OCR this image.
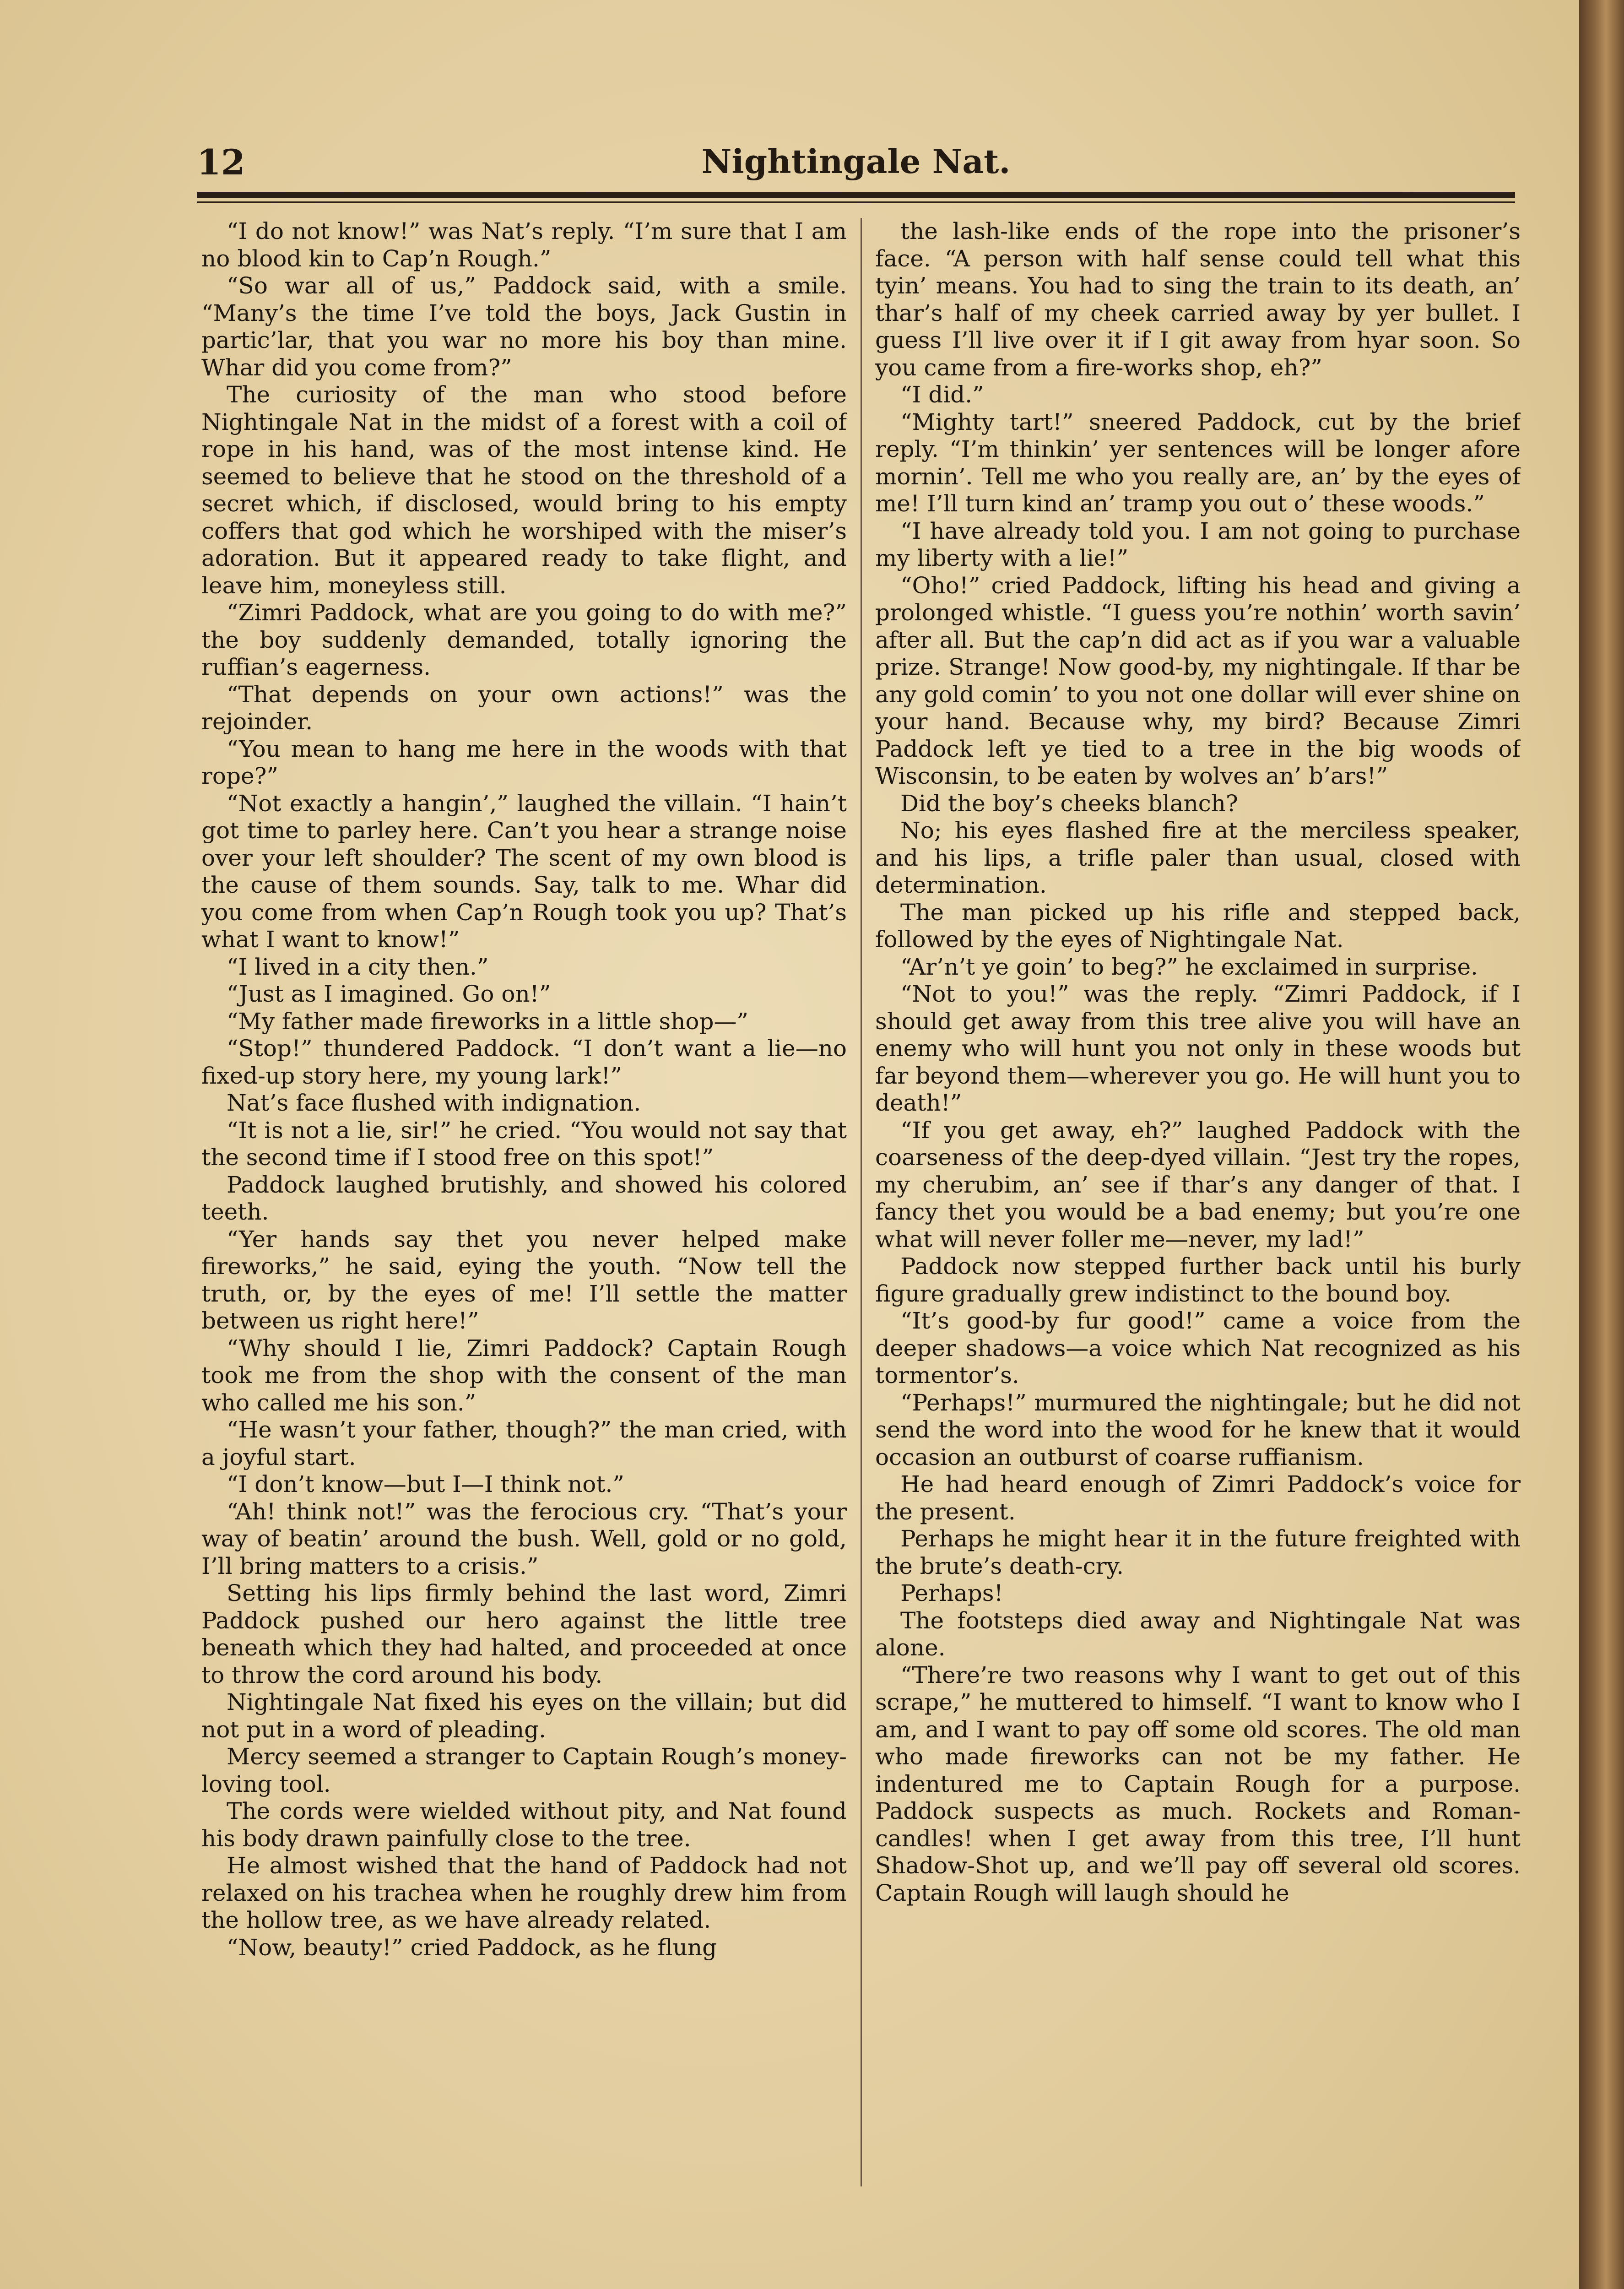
12	Nightingale Nat.

“I do not know!” was Nat’s reply. “I’m sure that I am no blood kin to Cap’n Rough.”

“So war all of us,” Paddock said, with a smile. “Many’s the time I’ve told the boys, Jack Gustin in partic’lar, that you war no more his boy than mine. Whar did you come from?”

The curiosity of the man who stood before Nightingale Nat in the midst of a forest with a coil of rope in his hand, was of the most intense kind. He seemed to believe that he stood on the threshold of a secret which, if disclosed, would bring to his empty coffers that god which he worshiped with the miser’s adoration. But it appeared ready to take flight, and leave him, moneyless still.

“Zimri Paddock, what are you going to do with me?” the boy suddenly demanded, totally ignoring the ruffian’s eagerness.

“That depends on your own actions!” was the rejoinder.

“You mean to hang me here in the woods with that rope?”

“Not exactly a hangin’,” laughed the villain. “I hain’t got time to parley here. Can’t you hear a strange noise over your left shoulder? The scent of my own blood is the cause of them sounds. Say, talk to me. Whar did you come from when Cap’n Rough took you up? That’s what I want to know!”

“I lived in a city then.”

“Just as I imagined. Go on!”

“My father made fireworks in a little shop—”

“Stop!” thundered Paddock. “I don’t want a lie—no fixed-up story here, my young lark!”

Nat’s face flushed with indignation.

“It is not a lie, sir!” he cried. “You would not say that the second time if I stood free on this spot!”

Paddock laughed brutishly, and showed his colored teeth.

“Yer hands say thet you never helped make fireworks,” he said, eying the youth. “Now tell the truth, or, by the eyes of me! I’ll settle the matter between us right here!”

“Why should I lie, Zimri Paddock? Captain Rough took me from the shop with the consent of the man who called me his son.”

“He wasn’t your father, though?” the man cried, with a joyful start.

“I don’t know—but I—I think not.”

“Ah! think not!” was the ferocious cry. “That’s your way of beatin’ around the bush. Well, gold or no gold, I’ll bring matters to a crisis.”

Setting his lips firmly behind the last word, Zimri Paddock pushed our hero against the little tree beneath which they had halted, and proceeded at once to throw the cord around his body.

Nightingale Nat fixed his eyes on the villain; but did not put in a word of pleading.

Mercy seemed a stranger to Captain Rough’s money-loving tool.

The cords were wielded without pity, and Nat found his body drawn painfully close to the tree.

He almost wished that the hand of Paddock had not relaxed on his trachea when he roughly drew him from the hollow tree, as we have already related.

“Now, beauty!” cried Paddock, as he flung

the lash-like ends of the rope into the prisoner’s face. “A person with half sense could tell what this tyin’ means. You had to sing the train to its death, an’ thar’s half of my cheek carried away by yer bullet. I guess I’ll live over it if I git away from hyar soon. So you came from a fire-works shop, eh?”

“I did.”

“Mighty tart!” sneered Paddock, cut by the brief reply. “I’m thinkin’ yer sentences will be longer afore mornin’. Tell me who you really are, an’ by the eyes of me! I’ll turn kind an’ tramp you out o’ these woods.”

“I have already told you. I am not going to purchase my liberty with a lie!”

“Oho!” cried Paddock, lifting his head and giving a prolonged whistle. “I guess you’re nothin’ worth savin’ after all. But the cap’n did act as if you war a valuable prize. Strange! Now good-by, my nightingale. If thar be any gold comin’ to you not one dollar will ever shine on your hand. Because why, my bird? Because Zimri Paddock left ye tied to a tree in the big woods of Wisconsin, to be eaten by wolves an’ b’ars!”

Did the boy’s cheeks blanch?

No; his eyes flashed fire at the merciless speaker, and his lips, a trifle paler than usual, closed with determination.

The man picked up his rifle and stepped back, followed by the eyes of Nightingale Nat.

“Ar’n’t ye goin’ to beg?” he exclaimed in surprise.

“Not to you!” was the reply. “Zimri Paddock, if I should get away from this tree alive you will have an enemy who will hunt you not only in these woods but far beyond them—wherever you go. He will hunt you to death!”

“If you get away, eh?” laughed Paddock with the coarseness of the deep-dyed villain. “Jest try the ropes, my cherubim, an’ see if thar’s any danger of that. I fancy thet you would be a bad enemy; but you’re one what will never foller me—never, my lad!”

Paddock now stepped further back until his burly figure gradually grew indistinct to the bound boy.

“It’s good-by fur good!” came a voice from the deeper shadows—a voice which Nat recognized as his tormentor’s.

“Perhaps!” murmured the nightingale; but he did not send the word into the wood for he knew that it would occasion an outburst of coarse ruffianism.

He had heard enough of Zimri Paddock’s voice for the present.

Perhaps he might hear it in the future freighted with the brute’s death-cry.

Perhaps!

The footsteps died away and Nightingale Nat was alone.

“There’re two reasons why I want to get out of this scrape,” he muttered to himself. “I want to know who I am, and I want to pay off some old scores. The old man who made fireworks can not be my father. He indentured me to Captain Rough for a purpose. Paddock suspects as much. Rockets and Roman-candles! when I get away from this tree, I’ll hunt Shadow-Shot up, and we’ll pay off several old scores. Captain Rough will laugh should he
